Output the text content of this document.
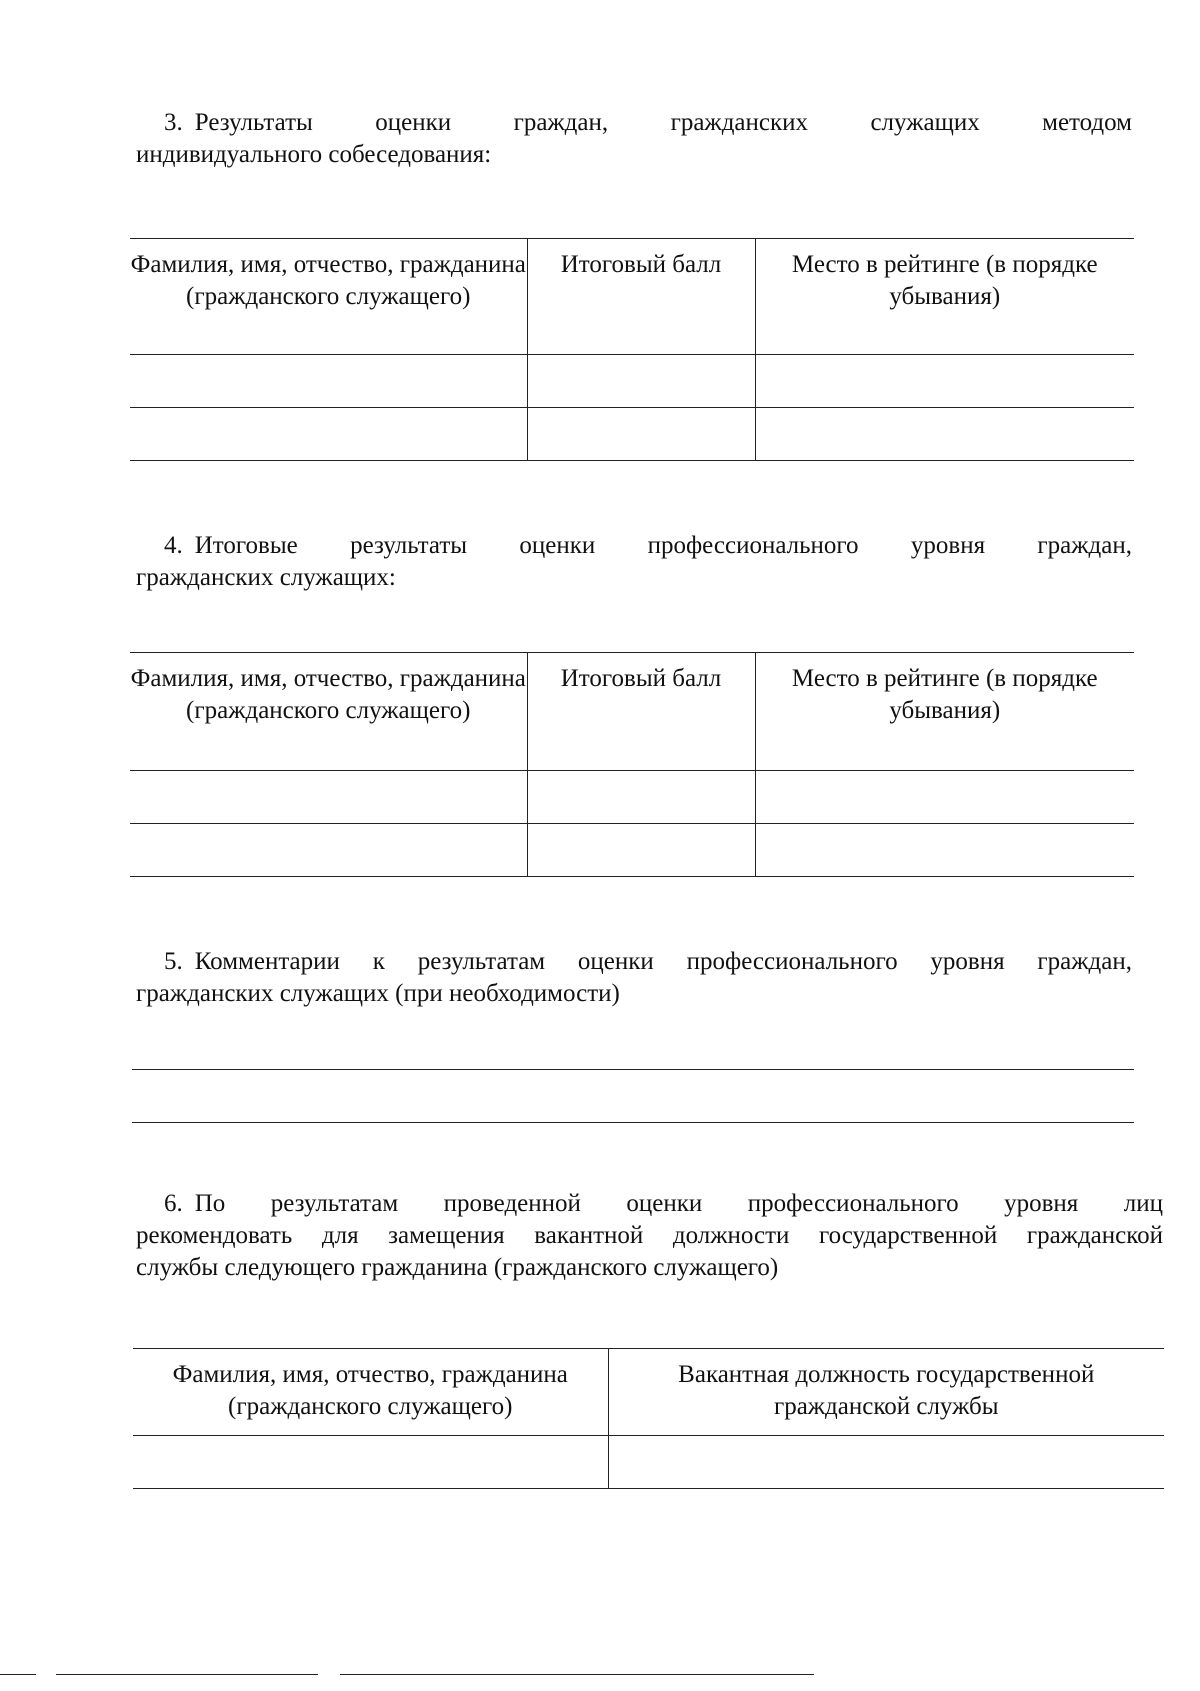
3. Результаты оценки граждан, гражданских служащих методом
индивидуального собеседования:

Фамилия, имя, отчество, гражданина (гражданского служащего)	Итоговый балл	Место в рейтинге (в порядке убывания)

4. Итоговые результаты оценки профессионального уровня граждан,
гражданских служащих:

Фамилия, имя, отчество, гражданина (гражданского служащего)	Итоговый балл	Место в рейтинге (в порядке убывания)

5. Комментарии к результатам оценки профессионального уровня граждан,
гражданских служащих (при необходимости)

6. По результатам проведенной оценки профессионального уровня лиц
рекомендовать для замещения вакантной должности государственной гражданской
службы следующего гражданина (гражданского служащего)

Фамилия, имя, отчество, гражданина (гражданского служащего)	Вакантная должность государственной гражданской службы
